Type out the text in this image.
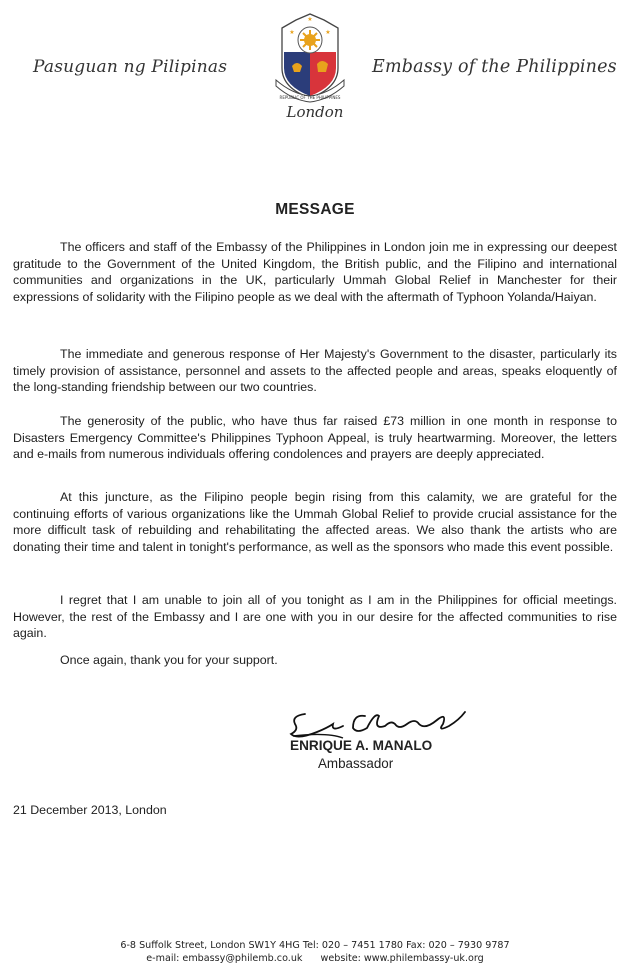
Pasuguan ng Pilipinas
★
★	★
REPUBLIC OF THE PHILIPPINES
London
Embassy of the Philippines
MESSAGE

The officers and staff of the Embassy of the Philippines in London join me in expressing our deepest gratitude to the Government of the United Kingdom, the British public, and the Filipino and international communities and organizations in the UK, particularly Ummah Global Relief in Manchester for their expressions of solidarity with the Filipino people as we deal with the aftermath of Typhoon Yolanda/Haiyan.

The immediate and generous response of Her Majesty's Government to the disaster, particularly its timely provision of assistance, personnel and assets to the affected people and areas, speaks eloquently of the long-standing friendship between our two countries.

The generosity of the public, who have thus far raised £73 million in one month in response to Disasters Emergency Committee's Philippines Typhoon Appeal, is truly heartwarming. Moreover, the letters and e-mails from numerous individuals offering condolences and prayers are deeply appreciated.

At this juncture, as the Filipino people begin rising from this calamity, we are grateful for the continuing efforts of various organizations like the Ummah Global Relief to provide crucial assistance for the more difficult task of rebuilding and rehabilitating the affected areas. We also thank the artists who are donating their time and talent in tonight's performance, as well as the sponsors who made this event possible.

I regret that I am unable to join all of you tonight as I am in the Philippines for official meetings. However, the rest of the Embassy and I are one with you in our desire for the affected communities to rise again.

Once again, thank you for your support.

ENRIQUE A. MANALO
Ambassador
21 December 2013, London
6-8 Suffolk Street, London SW1Y 4HG Tel: 020 – 7451 1780 Fax: 020 – 7930 9787
e-mail: embassy@philemb.co.uk website: www.philembassy-uk.org
